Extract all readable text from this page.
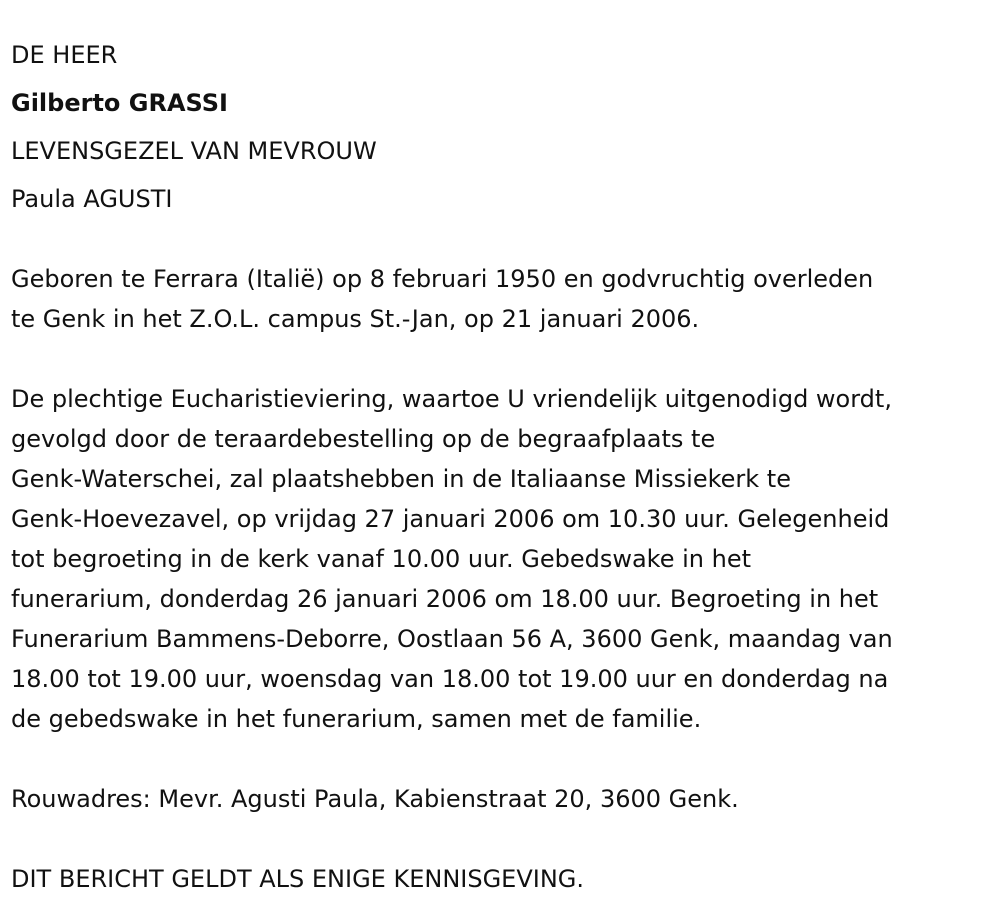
DE HEER
Gilberto GRASSI
LEVENSGEZEL VAN MEVROUW
Paula AGUSTI
Geboren te Ferrara (Italië) op 8 februari 1950 en godvruchtig overleden
te Genk in het Z.O.L. campus St.-Jan, op 21 januari 2006.
De plechtige Eucharistieviering, waartoe U vriendelijk uitgenodigd wordt,
gevolgd door de teraardebestelling op de begraafplaats te
Genk-Waterschei, zal plaatshebben in de Italiaanse Missiekerk te
Genk-Hoevezavel, op vrijdag 27 januari 2006 om 10.30 uur. Gelegenheid
tot begroeting in de kerk vanaf 10.00 uur. Gebedswake in het
funerarium, donderdag 26 januari 2006 om 18.00 uur. Begroeting in het
Funerarium Bammens-Deborre, Oostlaan 56 A, 3600 Genk, maandag van
18.00 tot 19.00 uur, woensdag van 18.00 tot 19.00 uur en donderdag na
de gebedswake in het funerarium, samen met de familie.
Rouwadres: Mevr. Agusti Paula, Kabienstraat 20, 3600 Genk.
DIT BERICHT GELDT ALS ENIGE KENNISGEVING.
